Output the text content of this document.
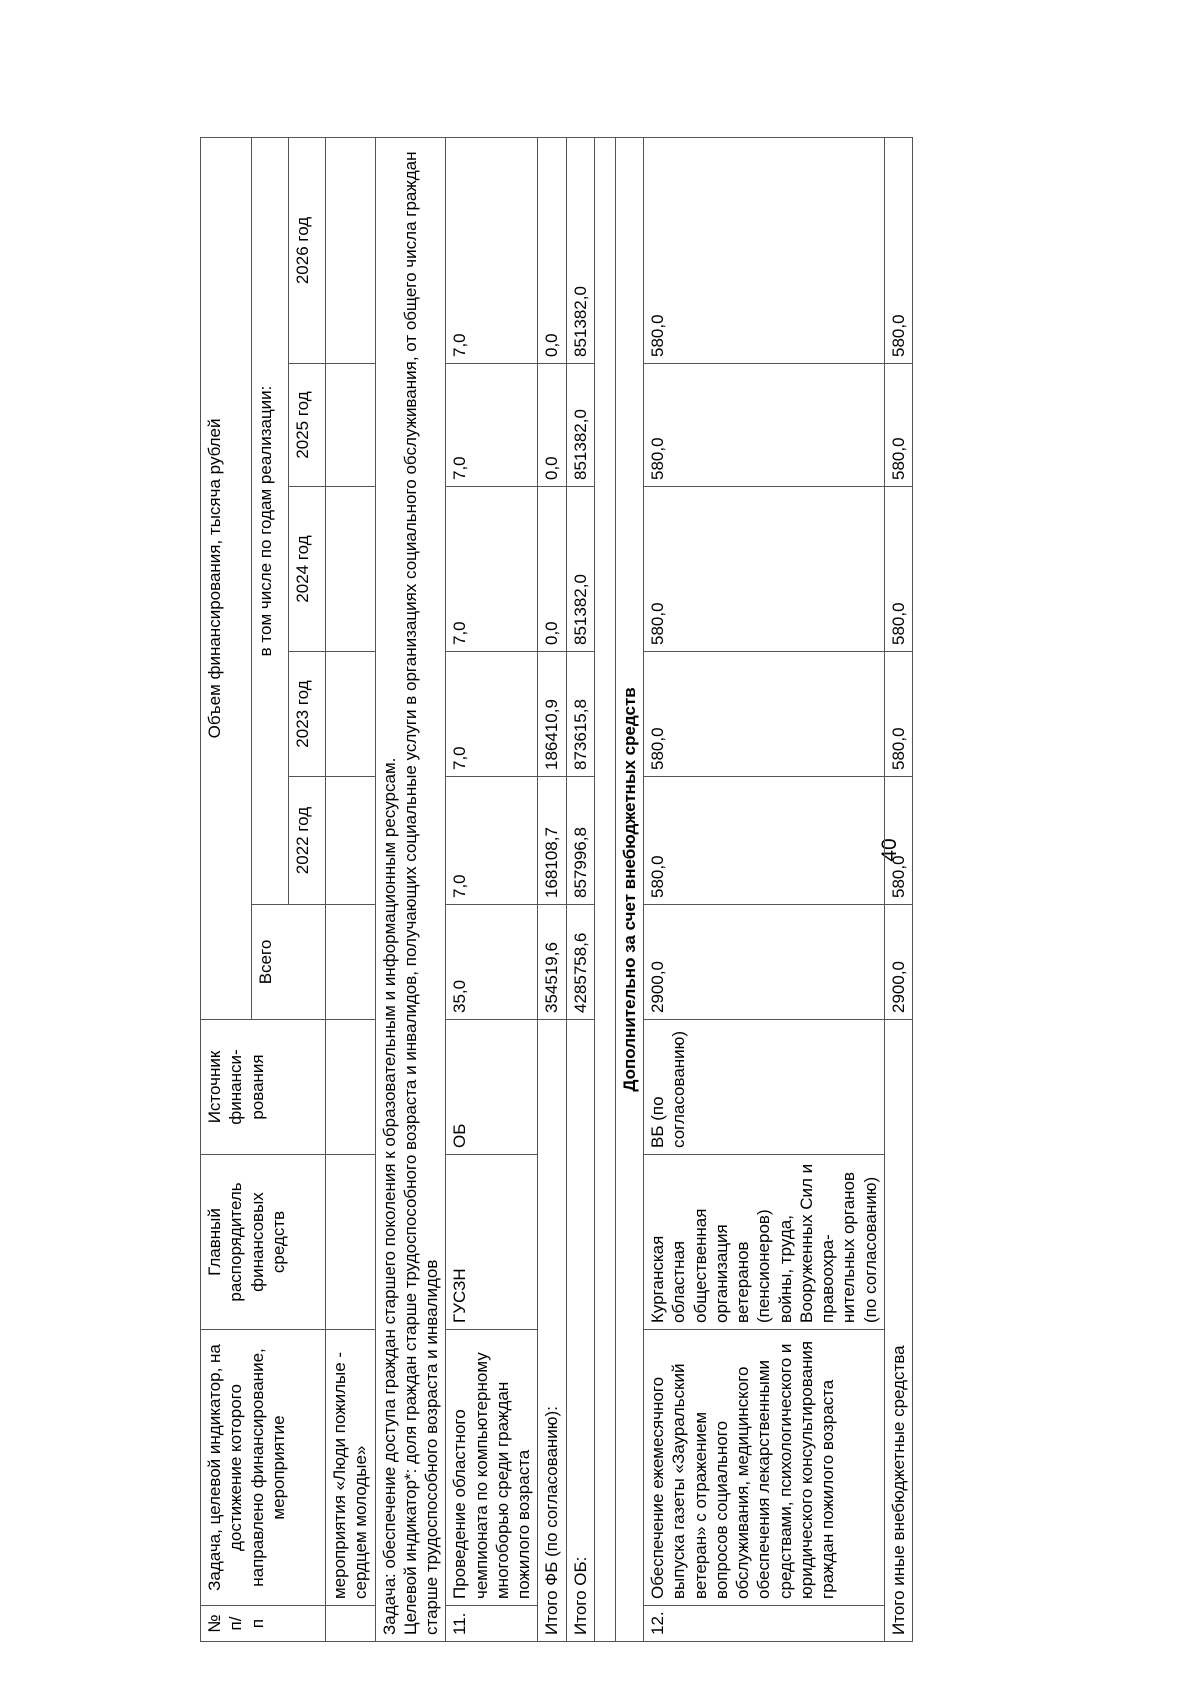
40
№ п/п	Задача, целевой индикатор, на достижение которого направлено финансирование, мероприятие	Главный распорядитель финансовых средств	Источник финанси-рования	Объем финансирования, тысяча рублей					
				Всего	в том числе по годам реализации:				
					2022 год	2023 год	2024 год	2025 год	2026 год
	мероприятия «Люди пожилые - сердцем молодые»								

Задача: обеспечение доступа граждан старшего поколения к образовательным и информационным ресурсам. Целевой индикатор*: доля граждан старше трудоспособного возраста и инвалидов, получающих социальные услуги в организациях социального обслуживания, от общего числа граждан старше трудоспособного возраста и инвалидов									

11.	Проведение областного чемпионата по компьютерному многоборью среди граждан пожилого возраста	ГУСЗН	ОБ	35,0	7,0	7,0	7,0	7,0	7,0
Итого ФБ (по согласованию):				354519,6	168108,7	186410,9	0,0	0,0	0,0
Итого ОБ:				4285758,6	857996,8	873615,8	851382,0	851382,0	851382,0

Дополнительно за счет внебюджетных средств									
12.	Обеспечение ежемесячного выпуска газеты «Зауральский ветеран» с отражением вопросов социального обслуживания, медицинского обеспечения лекарственными средствами, психологического и юридического консультирования граждан пожилого возраста	Курганская областная общественная организация ветеранов (пенсионеров) войны, труда, Вооруженных Сил и правоохра-нительных органов (по согласованию)	ВБ (по согласованию)	2900,0	580,0	580,0	580,0	580,0	580,0
Итого иные внебюджетные средства				2900,0	580,0	580,0	580,0	580,0	580,0
